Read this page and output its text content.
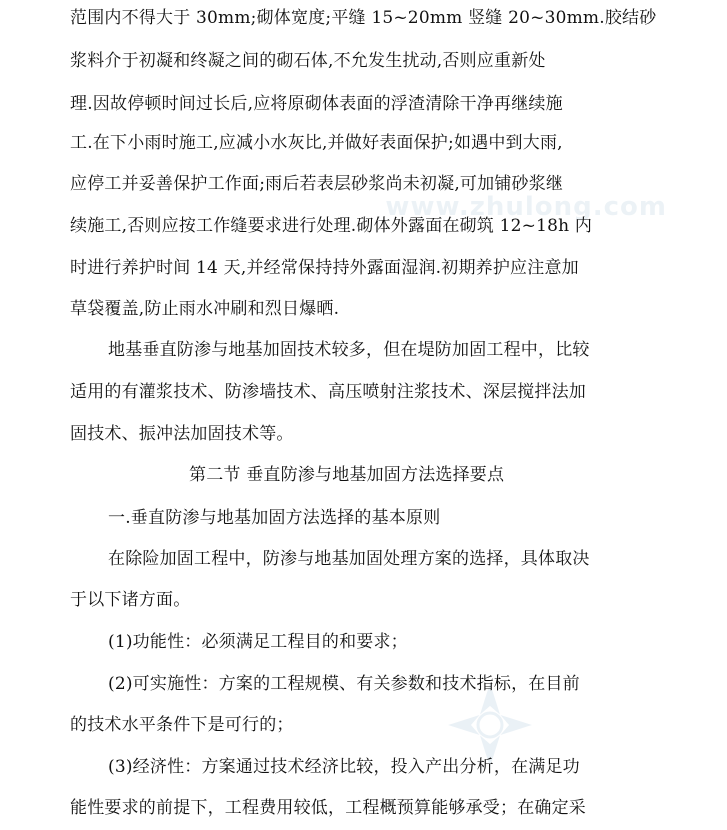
www.zhulong.com
范围内不得大于 30mm;砌体宽度;平缝 15~20mm 竖缝 20~30mm.胶结砂
浆料介于初凝和终凝之间的砌石体,不允发生扰动,否则应重新处
理.因故停顿时间过长后,应将原砌体表面的浮渣清除干净再继续施
工.在下小雨时施工,应减小水灰比,并做好表面保护;如遇中到大雨,
应停工并妥善保护工作面;雨后若表层砂浆尚未初凝,可加铺砂浆继
续施工,否则应按工作缝要求进行处理.砌体外露面在砌筑 12~18h 内
时进行养护时间 14 天,并经常保持持外露面湿润.初期养护应注意加
草袋覆盖,防止雨水冲刷和烈日爆晒.
地基垂直防渗与地基加固技术较多，但在堤防加固工程中，比较
适用的有灌浆技术、防渗墙技术、高压喷射注浆技术、深层搅拌法加
固技术、振冲法加固技术等。
第二节 垂直防渗与地基加固方法选择要点
一.垂直防渗与地基加固方法选择的基本原则
在除险加固工程中，防渗与地基加固处理方案的选择，具体取决
于以下诸方面。
(1)功能性：必须满足工程目的和要求；
(2)可实施性：方案的工程规模、有关参数和技术指标，在目前
的技术水平条件下是可行的；
(3)经济性：方案通过技术经济比较，投入产出分析，在满足功
能性要求的前提下，工程费用较低，工程概预算能够承受；在确定采
